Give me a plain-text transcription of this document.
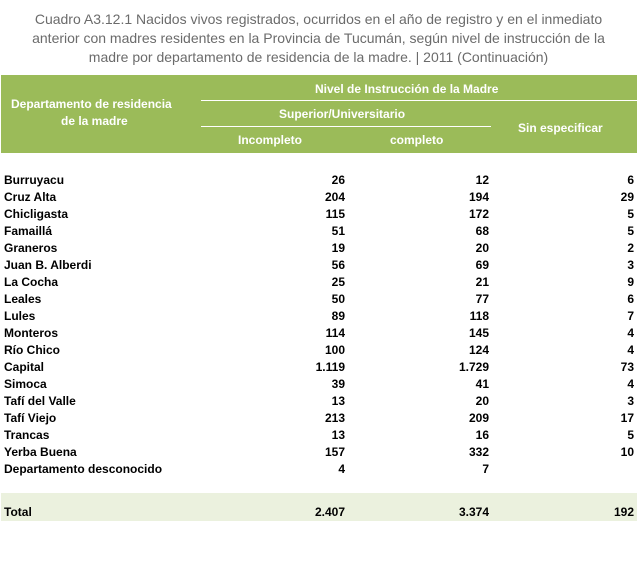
Cuadro A3.12.1 Nacidos vivos registrados, ocurridos en el año de registro y en el inmediato
anterior con madres residentes en la Provincia de Tucumán, según nivel de instrucción de la
madre por departamento de residencia de la madre. | 2011 (Continuación)
Departamento de residencia
de la madre
Nivel de Instrucción de la Madre
Superior/Universitario
Incompleto	completo
Sin especificar
Burruyacu	26	12	6
Cruz Alta	204	194	29
Chicligasta	115	172	5
Famaillá	51	68	5
Graneros	19	20	2
Juan B. Alberdi	56	69	3
La Cocha	25	21	9
Leales	50	77	6
Lules	89	118	7
Monteros	114	145	4
Río Chico	100	124	4
Capital	1.119	1.729	73
Simoca	39	41	4
Tafí del Valle	13	20	3
Tafí Viejo	213	209	17
Trancas	13	16	5
Yerba Buena	157	332	10
Departamento desconocido	4	7
Total	2.407	3.374	192
